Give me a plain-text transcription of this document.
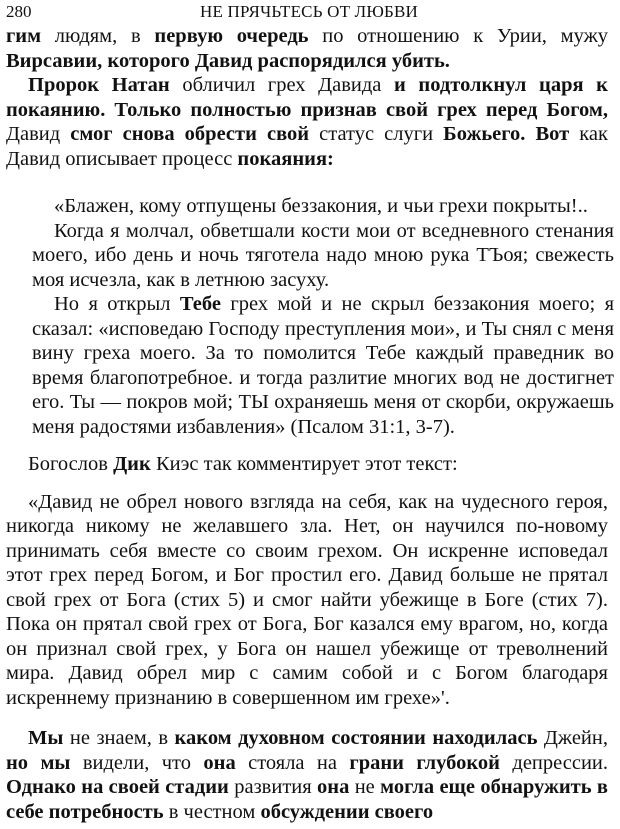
280	НЕ ПРЯЧЬТЕСЬ ОТ ЛЮБВИ

гим людям, в первую очередь по отношению к Урии, мужу Вирсавии, которого Давид распорядился убить.

Пророк Натан обличил грех Давида и подтолкнул царя к покаянию. Только полностью признав свой грех перед Богом, Давид смог снова обрести свой статус слуги Божьего. Вот как Давид описывает процесс покаяния:

«Блажен, кому отпущены беззакония, и чьи грехи покрыты!..

Когда я молчал, обветшали кости мои от вседневного стенания моего, ибо день и ночь тяготела надо мною рука ТЪоя; свежесть моя исчезла, как в летнюю засуху.

Но я открыл Тебе грех мой и не скрыл беззакония моего; я сказал: «исповедаю Господу преступления мои», и Ты снял с меня вину греха моего. За то помолится Тебе каждый праведник во время благопотребное. и тогда разлитие многих вод не достигнет его. Ты — покров мой; ТЫ охраняешь меня от скорби, окружаешь меня радостями избавления» (Псалом 31:1, 3-7).

Богослов Дик Киэс так комментирует этот текст:

«Давид не обрел нового взгляда на себя, как на чудесного героя, никогда никому не желавшего зла. Нет, он научился по-новому принимать себя вместе со своим грехом. Он искренне исповедал этот грех перед Богом, и Бог простил его. Давид больше не прятал свой грех от Бога (стих 5) и смог найти убежище в Боге (стих 7). Пока он прятал свой грех от Бога, Бог казался ему врагом, но, когда он признал свой грех, у Бога он нашел убежище от треволнений мира. Давид обрел мир с самим собой и с Богом благодаря искреннему признанию в совершенном им грехе»'.

Мы не знаем, в каком духовном состоянии находилась Джейн, но мы видели, что она стояла на грани глубокой депрессии. Однако на своей стадии развития она не могла еще обнаружить в себе потребность в честном обсуждении своего
